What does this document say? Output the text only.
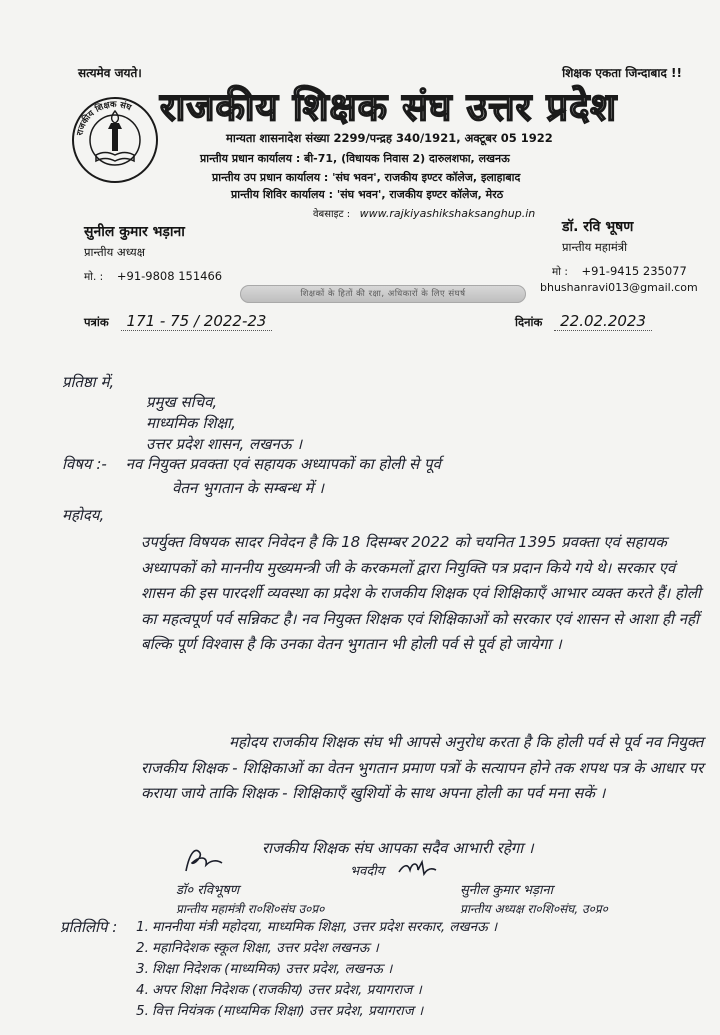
सत्यमेव जयते।	शिक्षक एकता जिन्दाबाद !!
राजकीय शिक्षक संघ राजकीय शिक्षक संघ उत्तर प्रदेश
मान्यता शासनादेश संख्या 2299/पन्द्रह 340/1921, अक्टूबर 05 1922
प्रान्तीय प्रधान कार्यालय : बी-71, (विधायक निवास 2) दारुलशफा, लखनऊ
प्रान्तीय उप प्रधान कार्यालय : 'संघ भवन', राजकीय इण्टर कॉलेज, इलाहाबाद
प्रान्तीय शिविर कार्यालय : 'संघ भवन', राजकीय इण्टर कॉलेज, मेरठ
वेबसाइट : www.rajkiyashikshaksanghup.in
सुनील कुमार भड़ाना
प्रान्तीय अध्यक्ष
डॉ. रवि भूषण
प्रान्तीय महामंत्री
मो. : +91-9808 151466	मो : +91-9415 235077
bhushanravi013@gmail.com
शिक्षकों के हितों की रक्षा, अधिकारों के लिए संघर्ष
पत्रांक 171 - 75 / 2022-23	दिनांक 22.02.2023
प्रतिष्ठा में,
प्रमुख सचिव,
माध्यमिक शिक्षा,
उत्तर प्रदेश शासन, लखनऊ ।
विषय :- नव नियुक्त प्रवक्ता एवं सहायक अध्यापकों का होली से पूर्व
वेतन भुगतान के सम्बन्ध में ।
महोदय,
उपर्युक्त विषयक सादर निवेदन है कि 18 दिसम्बर 2022 को चयनित 1395 प्रवक्ता एवं सहायक अध्यापकों को माननीय मुख्यमन्त्री जी के करकमलों द्वारा नियुक्ति पत्र प्रदान किये गये थे। सरकार एवं शासन की इस पारदर्शी व्यवस्था का प्रदेश के राजकीय शिक्षक एवं शिक्षिकाएँ आभार व्यक्त करते हैं। होली का महत्वपूर्ण पर्व सन्निकट है। नव नियुक्त शिक्षक एवं शिक्षिकाओं को सरकार एवं शासन से आशा ही नहीं बल्कि पूर्ण विश्वास है कि उनका वेतन भुगतान भी होली पर्व से पूर्व हो जायेगा ।
महोदय राजकीय शिक्षक संघ भी आपसे अनुरोध करता है कि होली पर्व से पूर्व नव नियुक्त राजकीय शिक्षक - शिक्षिकाओं का वेतन भुगतान प्रमाण पत्रों के सत्यापन होने तक शपथ पत्र के आधार पर कराया जाये ताकि शिक्षक - शिक्षिकाएँ खुशियों के साथ अपना होली का पर्व मना सकें ।
राजकीय शिक्षक संघ आपका सदैव आभारी रहेगा ।
भवदीय
डॉ० रविभूषण
प्रान्तीय महामंत्री रा०शि०संघ उ०प्र०
सुनील कुमार भड़ाना
प्रान्तीय अध्यक्ष रा०शि०संघ, उ०प्र०
प्रतिलिपि : 1. माननीया मंत्री महोदया, माध्यमिक शिक्षा, उत्तर प्रदेश सरकार, लखनऊ ।
2. महानिदेशक स्कूल शिक्षा, उत्तर प्रदेश लखनऊ ।
3. शिक्षा निदेशक (माध्यमिक) उत्तर प्रदेश, लखनऊ ।
4. अपर शिक्षा निदेशक (राजकीय) उत्तर प्रदेश, प्रयागराज ।
5. वित्त नियंत्रक (माध्यमिक शिक्षा) उत्तर प्रदेश, प्रयागराज ।
